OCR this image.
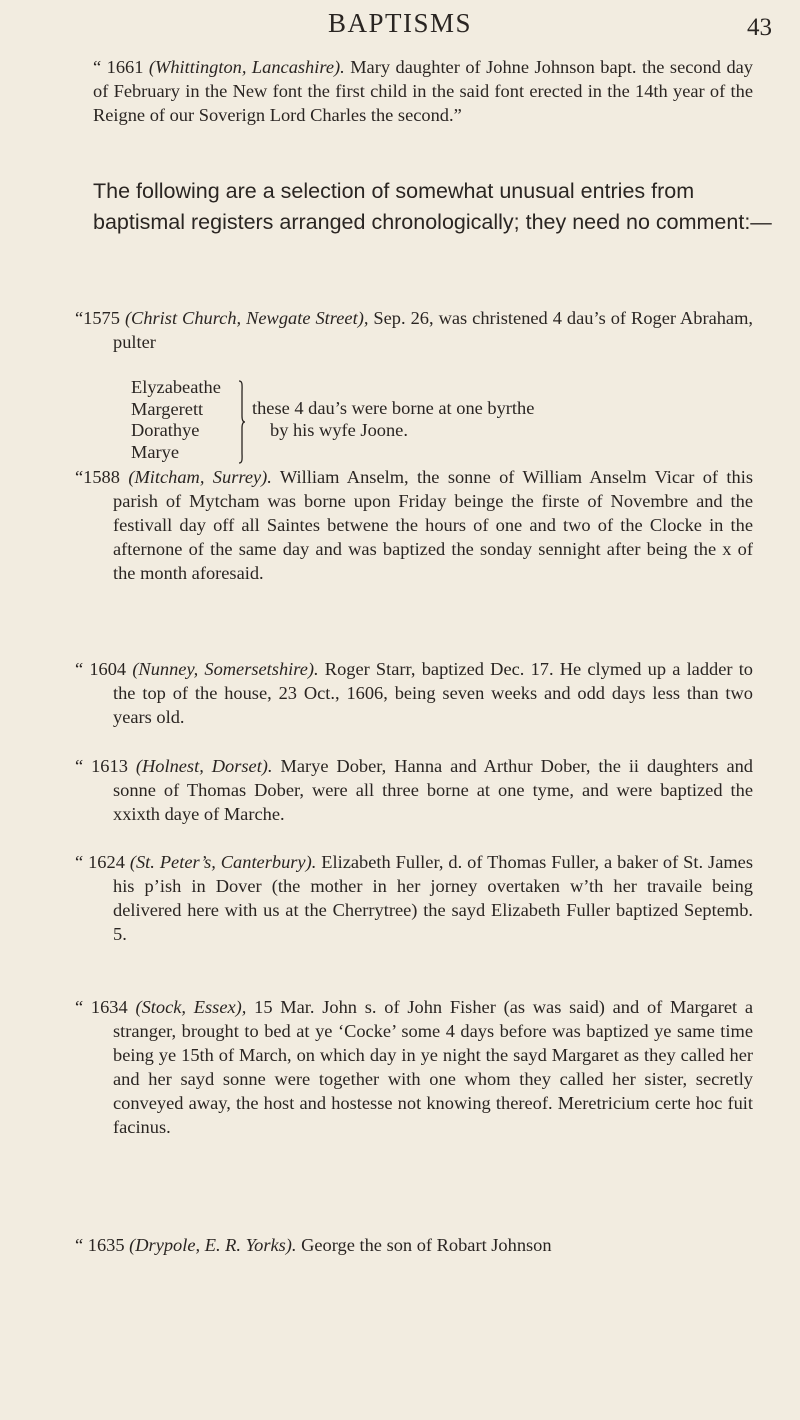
BAPTISMS	43
“ 1661 (Whittington, Lancashire). Mary daughter of Johne Johnson bapt. the second day of February in the New font the first child in the said font erected in the 14th year of the Reigne of our Soverign Lord Charles the second.”
The following are a selection of somewhat unusual entries from baptismal registers arranged chronologically; they need no comment:—
“1575 (Christ Church, Newgate Street), Sep. 26, was christened 4 dau’s of Roger Abraham, pulter
Elyzabeathe
Margerett
Dorathye
Marye
these 4 dau’s were borne at one byrthe
by his wyfe Joone.
“1588 (Mitcham, Surrey). William Anselm, the sonne of William Anselm Vicar of this parish of Mytcham was borne upon Friday beinge the firste of Novembre and the festivall day off all Saintes betwene the hours of one and two of the Clocke in the afternone of the same day and was baptized the sonday sennight after being the x of the month aforesaid.
“ 1604 (Nunney, Somersetshire). Roger Starr, baptized Dec. 17. He clymed up a ladder to the top of the house, 23 Oct., 1606, being seven weeks and odd days less than two years old.
“ 1613 (Holnest, Dorset). Marye Dober, Hanna and Arthur Dober, the ii daughters and sonne of Thomas Dober, were all three borne at one tyme, and were baptized the xxixth daye of Marche.
“ 1624 (St. Peter’s, Canterbury). Elizabeth Fuller, d. of Thomas Fuller, a baker of St. James his p’ish in Dover (the mother in her jorney overtaken w’th her travaile being delivered here with us at the Cherrytree) the sayd Elizabeth Fuller baptized Septemb. 5.
“ 1634 (Stock, Essex), 15 Mar. John s. of John Fisher (as was said) and of Margaret a stranger, brought to bed at ye ‘Cocke’ some 4 days before was baptized ye same time being ye 15th of March, on which day in ye night the sayd Margaret as they called her and her sayd sonne were together with one whom they called her sister, secretly conveyed away, the host and hostesse not knowing thereof. Meretricium certe hoc fuit facinus.
“ 1635 (Drypole, E. R. Yorks). George the son of Robart Johnson
